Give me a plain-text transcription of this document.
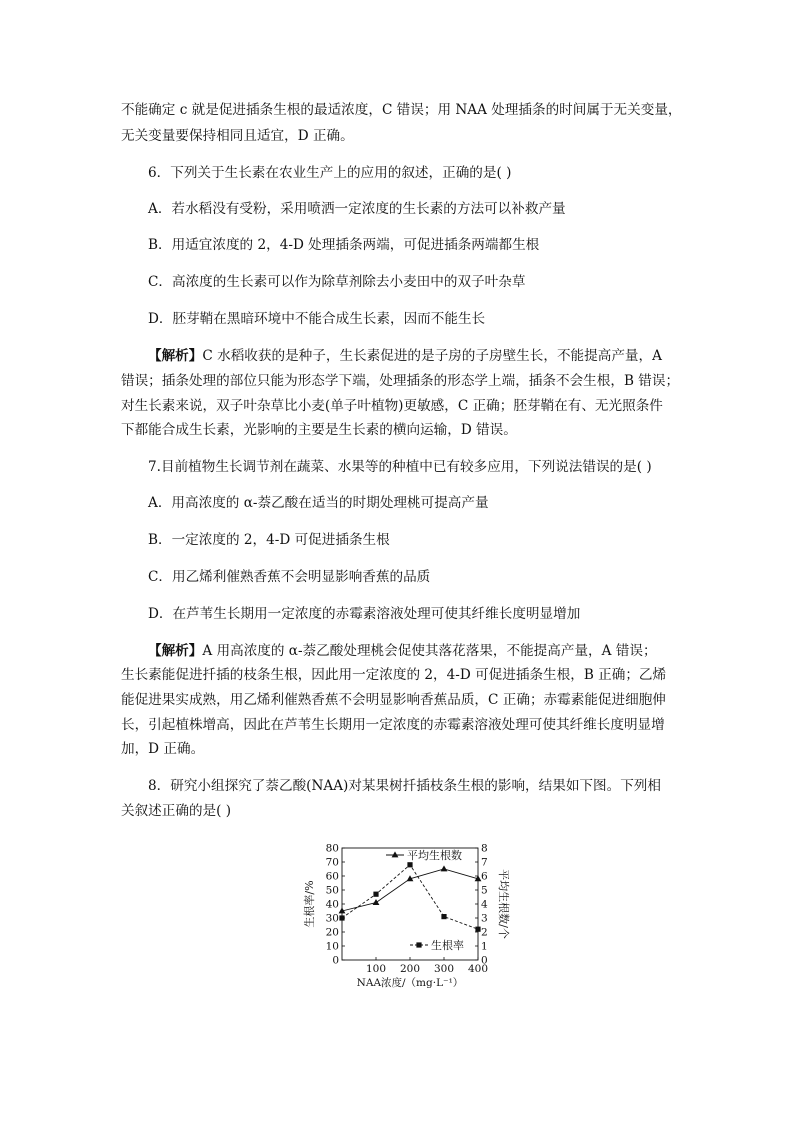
不能确定 c 就是促进插条生根的最适浓度，C 错误；用 NAA 处理插条的时间属于无关变量，
无关变量要保持相同且适宜，D 正确。
6．下列关于生长素在农业生产上的应用的叙述，正确的是( )
A．若水稻没有受粉，采用喷洒一定浓度的生长素的方法可以补救产量
B．用适宜浓度的 2，4-D 处理插条两端，可促进插条两端都生根
C．高浓度的生长素可以作为除草剂除去小麦田中的双子叶杂草
D．胚芽鞘在黑暗环境中不能合成生长素，因而不能生长
【解析】C 水稻收获的是种子，生长素促进的是子房的子房壁生长，不能提高产量，A
错误；插条处理的部位只能为形态学下端，处理插条的形态学上端，插条不会生根，B 错误；
对生长素来说，双子叶杂草比小麦(单子叶植物)更敏感，C 正确；胚芽鞘在有、无光照条件
下都能合成生长素，光影响的主要是生长素的横向运输，D 错误。
7.目前植物生长调节剂在蔬菜、水果等的种植中已有较多应用，下列说法错误的是( )
A．用高浓度的 α-萘乙酸在适当的时期处理桃可提高产量
B．一定浓度的 2，4-D 可促进插条生根
C．用乙烯利催熟香蕉不会明显影响香蕉的品质
D．在芦苇生长期用一定浓度的赤霉素溶液处理可使其纤维长度明显增加
【解析】A 用高浓度的 α-萘乙酸处理桃会促使其落花落果，不能提高产量，A 错误；
生长素能促进扦插的枝条生根，因此用一定浓度的 2，4-D 可促进插条生根，B 正确；乙烯
能促进果实成熟，用乙烯利催熟香蕉不会明显影响香蕉品质，C 正确；赤霉素能促进细胞伸
长，引起植株增高，因此在芦苇生长期用一定浓度的赤霉素溶液处理可使其纤维长度明显增
加，D 正确。
8．研究小组探究了萘乙酸(NAA)对某果树扦插枝条生根的影响，结果如下图。下列相
关叙述正确的是( )
0
10
20
30
40
50
60
70
80
0
1
2
3
4
5
6
7
8
100 200 300 400
NAA浓度/（mg·L⁻¹）
生根率/%	平均生根数/个
平均生根数
生根率
